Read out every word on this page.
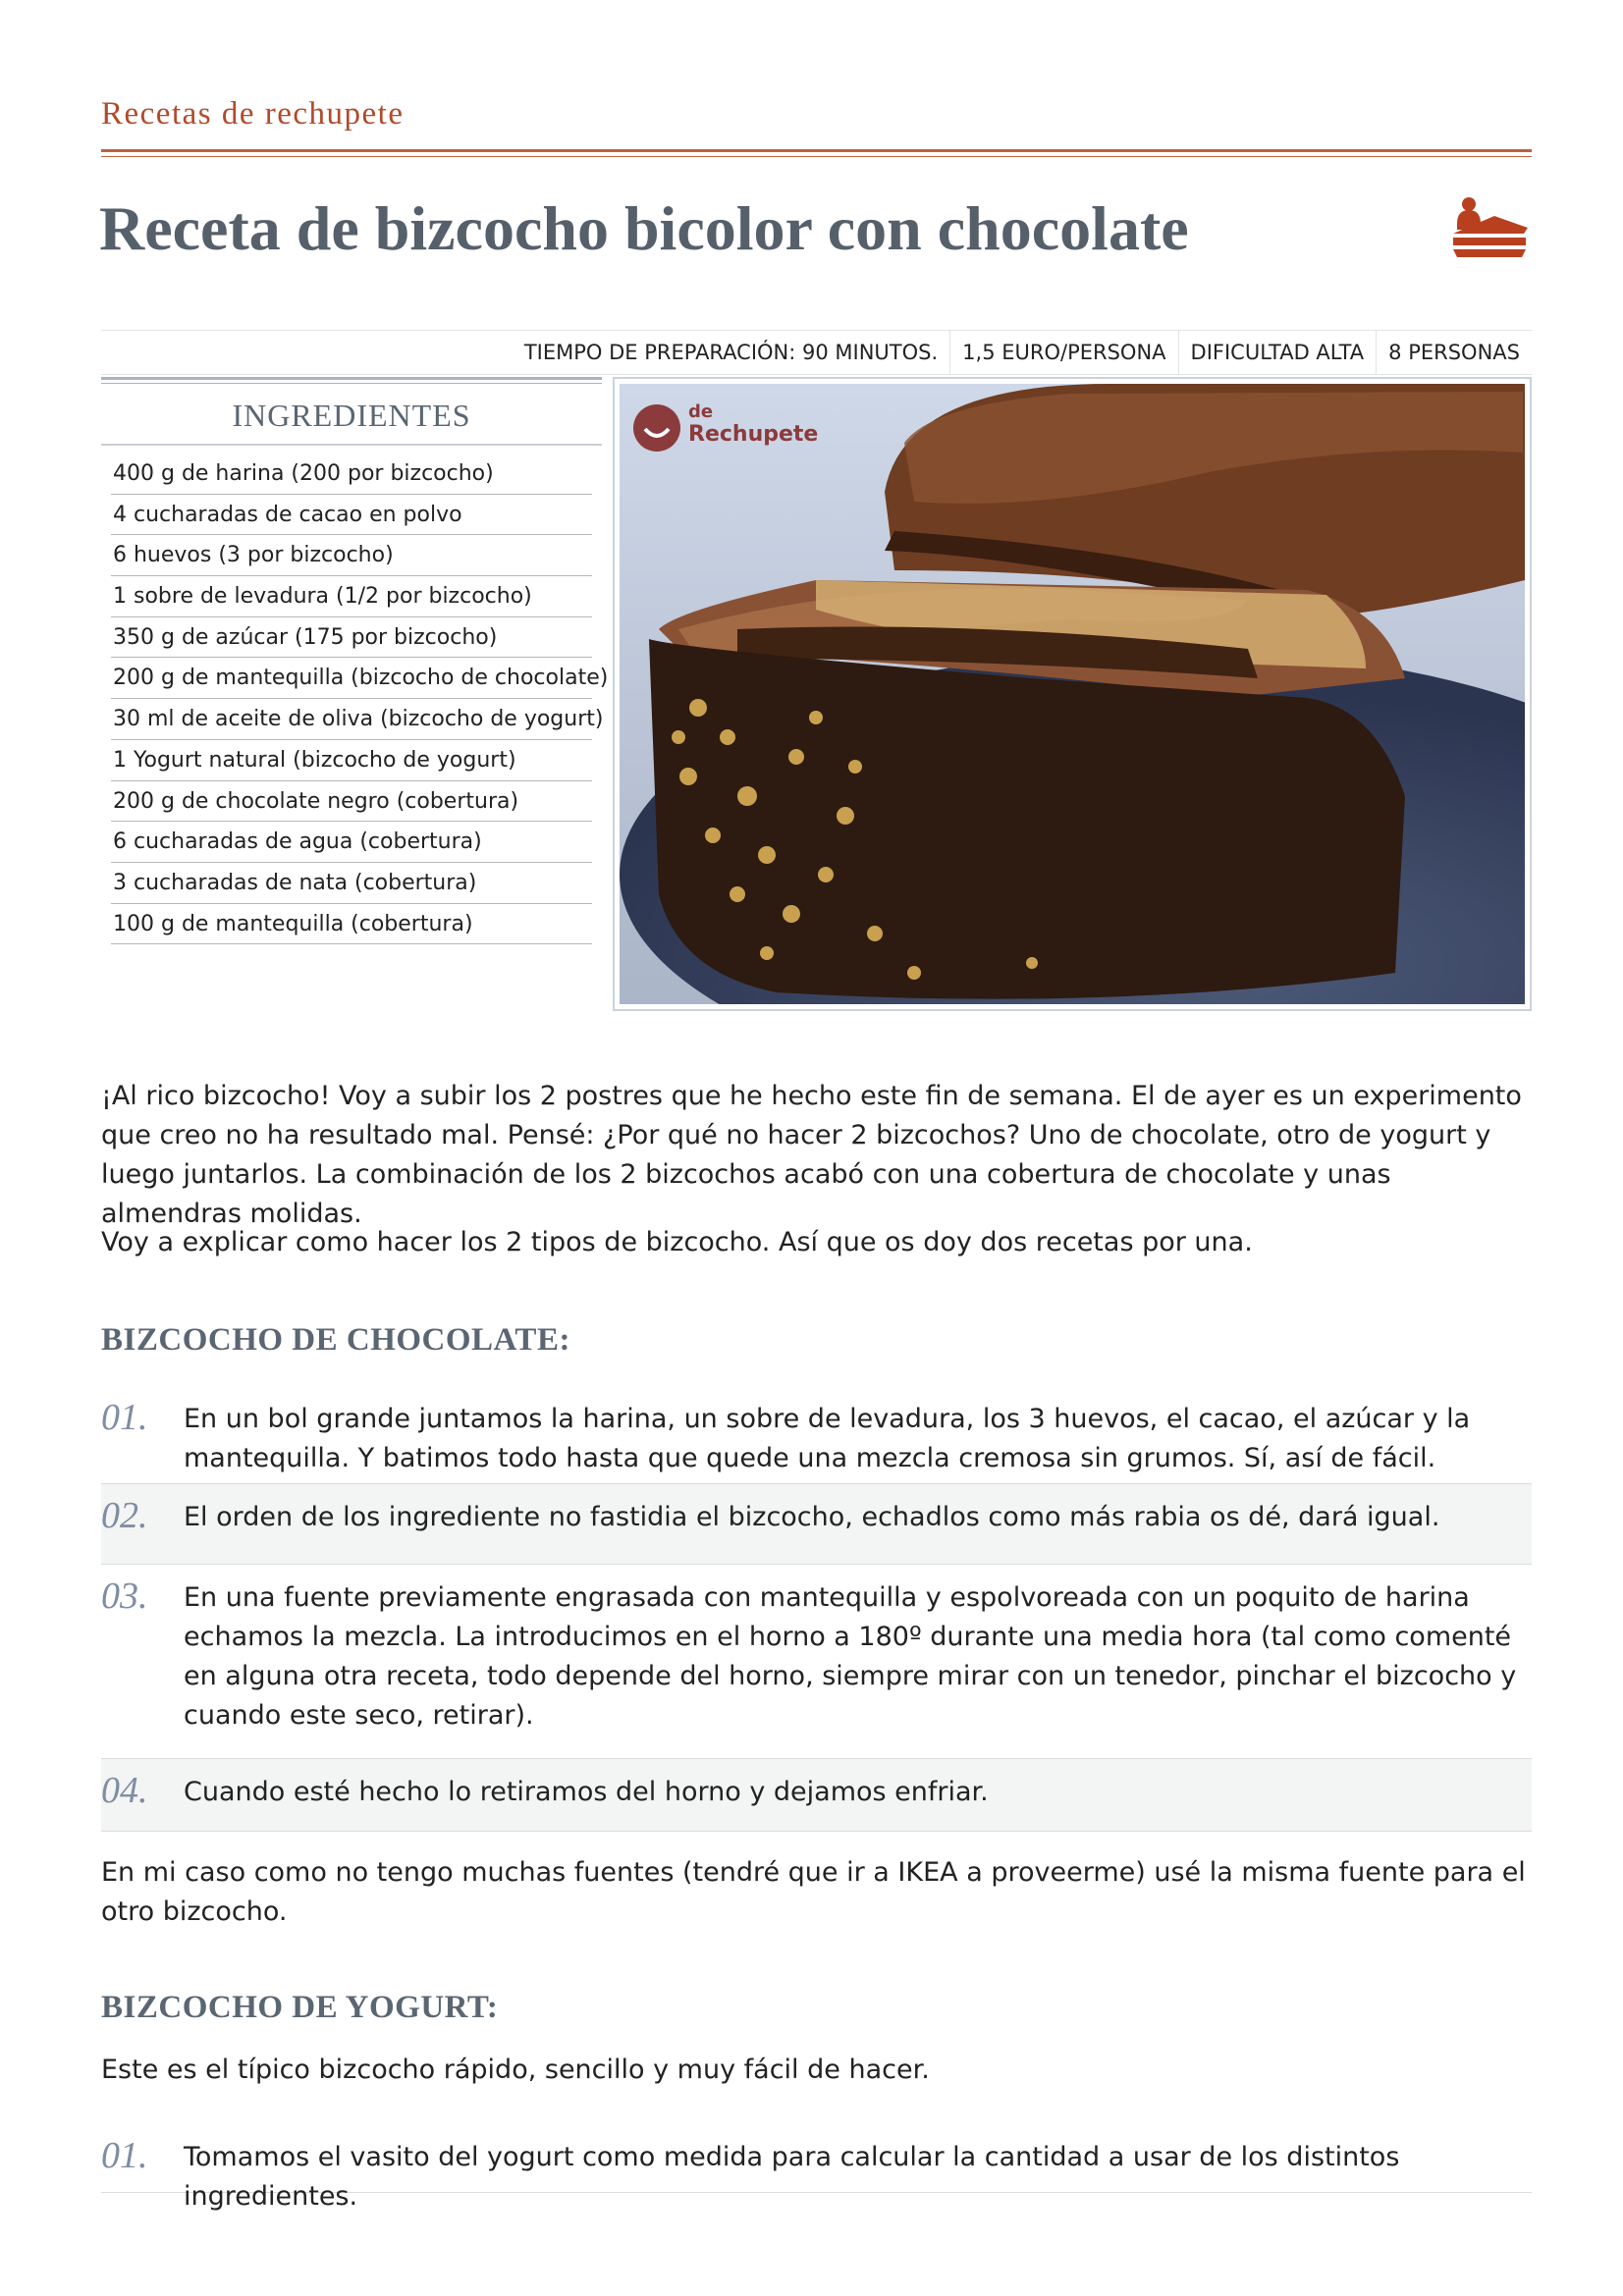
Recetas de rechupete
Receta de bizcocho bicolor con chocolate
TIEMPO DE PREPARACIÓN: 90 MINUTOS.	1,5 EURO/PERSONA	DIFICULTAD ALTA	8 PERSONAS
INGREDIENTES
400 g de harina (200 por bizcocho)
4 cucharadas de cacao en polvo
6 huevos (3 por bizcocho)
1 sobre de levadura (1/2 por bizcocho)
350 g de azúcar (175 por bizcocho)
200 g de mantequilla (bizcocho de chocolate)
30 ml de aceite de oliva (bizcocho de yogurt)
1 Yogurt natural (bizcocho de yogurt)
200 g de chocolate negro (cobertura)
6 cucharadas de agua (cobertura)
3 cucharadas de nata (cobertura)
100 g de mantequilla (cobertura)
de
Rechupete

¡Al rico bizcocho! Voy a subir los 2 postres que he hecho este fin de semana. El de ayer es un experimento que creo no ha resultado mal. Pensé: ¿Por qué no hacer 2 bizcochos? Uno de chocolate, otro de yogurt y luego juntarlos. La combinación de los 2 bizcochos acabó con una cobertura de chocolate y unas almendras molidas.

Voy a explicar como hacer los 2 tipos de bizcocho. Así que os doy dos recetas por una.

BIZCOCHO DE CHOCOLATE:
01. En un bol grande juntamos la harina, un sobre de levadura, los 3 huevos, el cacao, el azúcar y la mantequilla. Y batimos todo hasta que quede una mezcla cremosa sin grumos. Sí, así de fácil.
02. El orden de los ingrediente no fastidia el bizcocho, echadlos como más rabia os dé, dará igual.
03. En una fuente previamente engrasada con mantequilla y espolvoreada con un poquito de harina echamos la mezcla. La introducimos en el horno a 180º durante una media hora (tal como comenté en alguna otra receta, todo depende del horno, siempre mirar con un tenedor, pinchar el bizcocho y cuando este seco, retirar).
04. Cuando esté hecho lo retiramos del horno y dejamos enfriar.

En mi caso como no tengo muchas fuentes (tendré que ir a IKEA a proveerme) usé la misma fuente para el otro bizcocho.

BIZCOCHO DE YOGURT:

Este es el típico bizcocho rápido, sencillo y muy fácil de hacer.

01. Tomamos el vasito del yogurt como medida para calcular la cantidad a usar de los distintos ingredientes.
